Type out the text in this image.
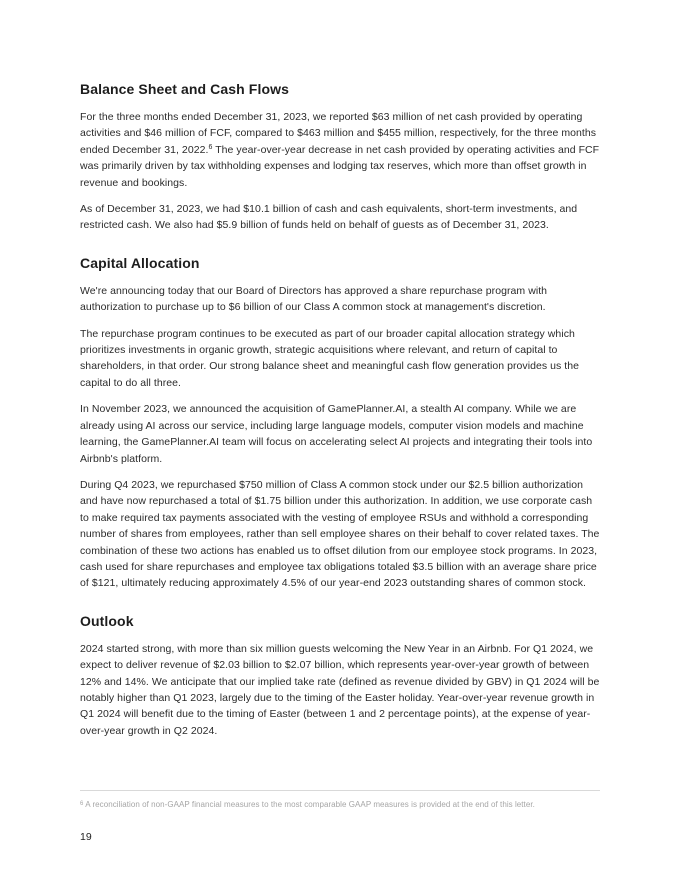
Balance Sheet and Cash Flows

For the three months ended December 31, 2023, we reported $63 million of net cash provided by operating activities and $46 million of FCF, compared to $463 million and $455 million, respectively, for the three months ended December 31, 2022.$^6$ The year-over-year decrease in net cash provided by operating activities and FCF was primarily driven by tax withholding expenses and lodging tax reserves, which more than offset growth in revenue and bookings.

As of December 31, 2023, we had $10.1 billion of cash and cash equivalents, short-term investments, and restricted cash. We also had $5.9 billion of funds held on behalf of guests as of December 31, 2023.

Capital Allocation

We're announcing today that our Board of Directors has approved a share repurchase program with authorization to purchase up to $6 billion of our Class A common stock at management's discretion.

The repurchase program continues to be executed as part of our broader capital allocation strategy which prioritizes investments in organic growth, strategic acquisitions where relevant, and return of capital to shareholders, in that order. Our strong balance sheet and meaningful cash flow generation provides us the capital to do all three.

In November 2023, we announced the acquisition of GamePlanner.AI, a stealth AI company. While we are already using AI across our service, including large language models, computer vision models and machine learning, the GamePlanner.AI team will focus on accelerating select AI projects and integrating their tools into Airbnb's platform.

During Q4 2023, we repurchased $750 million of Class A common stock under our $2.5 billion authorization and have now repurchased a total of $1.75 billion under this authorization. In addition, we use corporate cash to make required tax payments associated with the vesting of employee RSUs and withhold a corresponding number of shares from employees, rather than sell employee shares on their behalf to cover related taxes. The combination of these two actions has enabled us to offset dilution from our employee stock programs. In 2023, cash used for share repurchases and employee tax obligations totaled $3.5 billion with an average share price of $121, ultimately reducing approximately 4.5% of our year-end 2023 outstanding shares of common stock.

Outlook

2024 started strong, with more than six million guests welcoming the New Year in an Airbnb. For Q1 2024, we expect to deliver revenue of $2.03 billion to $2.07 billion, which represents year-over-year growth of between 12% and 14%. We anticipate that our implied take rate (defined as revenue divided by GBV) in Q1 2024 will be notably higher than Q1 2023, largely due to the timing of the Easter holiday. Year-over-year revenue growth in Q1 2024 will benefit due to the timing of Easter (between 1 and 2 percentage points), at the expense of year-over-year growth in Q2 2024.

$^6$ A reconciliation of non-GAAP financial measures to the most comparable GAAP measures is provided at the end of this letter.

19
